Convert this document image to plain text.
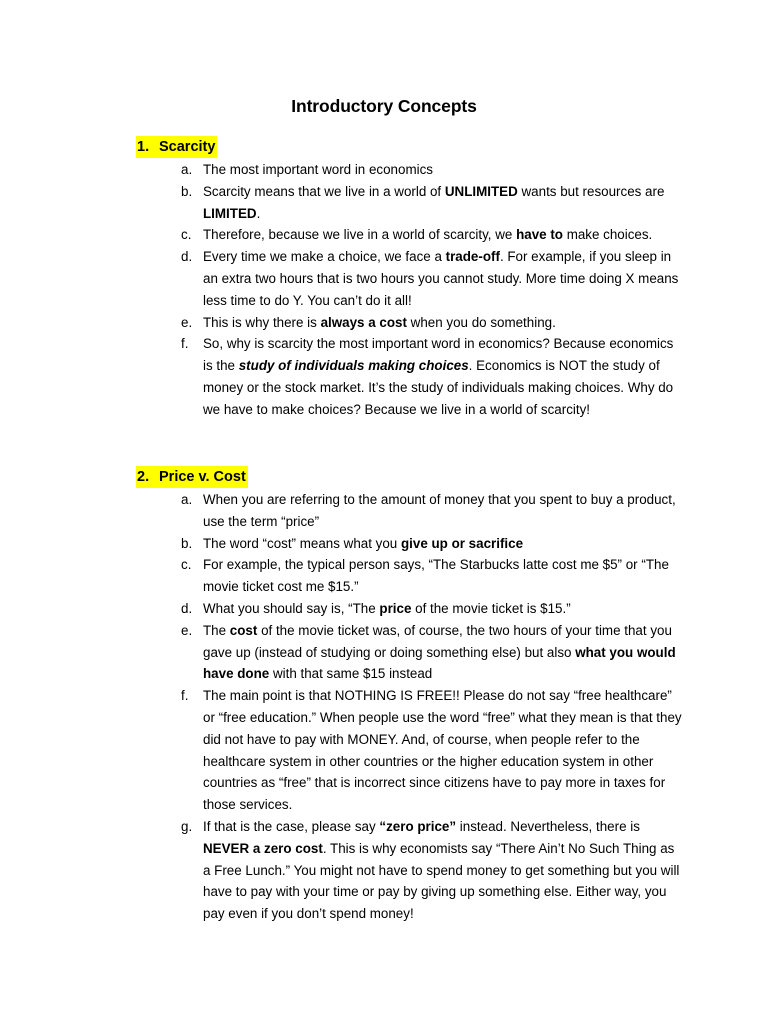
Introductory Concepts
1. Scarcity
a. The most important word in economics
b. Scarcity means that we live in a world of UNLIMITED wants but resources are LIMITED.
c. Therefore, because we live in a world of scarcity, we have to make choices.
d. Every time we make a choice, we face a trade-off. For example, if you sleep in an extra two hours that is two hours you cannot study. More time doing X means less time to do Y. You can’t do it all!
e. This is why there is always a cost when you do something.
f. So, why is scarcity the most important word in economics? Because economics is the study of individuals making choices. Economics is NOT the study of money or the stock market. It’s the study of individuals making choices. Why do we have to make choices? Because we live in a world of scarcity!
2. Price v. Cost
a. When you are referring to the amount of money that you spent to buy a product, use the term “price”
b. The word “cost” means what you give up or sacrifice
c. For example, the typical person says, “The Starbucks latte cost me $5” or “The movie ticket cost me $15.”
d. What you should say is, “The price of the movie ticket is $15.”
e. The cost of the movie ticket was, of course, the two hours of your time that you gave up (instead of studying or doing something else) but also what you would have done with that same $15 instead
f. The main point is that NOTHING IS FREE!! Please do not say “free healthcare” or “free education.” When people use the word “free” what they mean is that they did not have to pay with MONEY. And, of course, when people refer to the healthcare system in other countries or the higher education system in other countries as “free” that is incorrect since citizens have to pay more in taxes for those services.
g. If that is the case, please say “zero price” instead. Nevertheless, there is NEVER a zero cost. This is why economists say “There Ain’t No Such Thing as a Free Lunch.” You might not have to spend money to get something but you will have to pay with your time or pay by giving up something else. Either way, you pay even if you don’t spend money!
